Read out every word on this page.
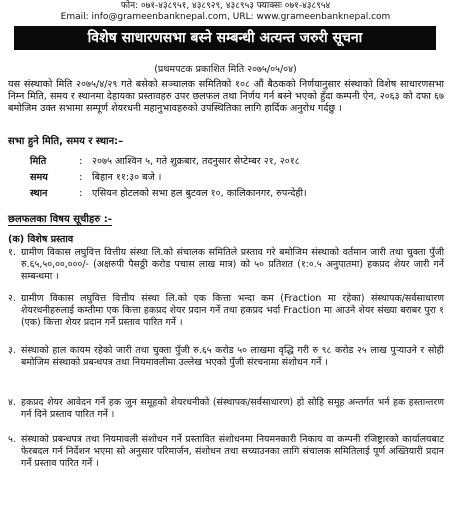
फोन: ०७१-४३८९५१, ४३८९२९, ४३८९५३ फ्याक्सः ०७१-४३८९५४
Email: info@grameenbanknepal.com, URL: www.grameenbanknepal.com
विशेष साधारणसभा बस्ने सम्बन्धी अत्यन्त जरुरी सूचना
(प्रथमपटक प्रकाशित मिति २०७५/०५/०४)
यस संस्थाको मिति २०७५/४/२९ गते बसेको सञ्चालक समितिको १०८ औं बैठकको निर्णयानुसार संस्थाको विशेष साधारणसभा निम्न मिति, समय र स्थानमा देहायका प्रस्तावहरु उपर छलफल तथा निर्णय गर्न बस्ने भएको हुँदा कम्पनी ऐन, २०६३ को दफा ६७ बमोजिम उक्त सभामा सम्पूर्ण शेयरधनी महानुभावहरुको उपस्थितिका लागि हार्दिक अनुरोध गर्दछु ।
सभा हुने मिति, समय र स्थान:–
मिति	: २०७५ आश्विन ५, गते शुक्रबार, तदनुसार सेप्टेम्बर २१, २०१८
समय	: बिहान ११:३० बजे ।
स्थान	: एसियन होटलको सभा हल बुटवल १०, कालिकानगर, रुपन्देही।
छलफलका विषय सूचीहरु :-
(क) विशेष प्रस्ताव
१. ग्रामीण विकास लघुवित्त वित्तीय संस्था लि.को संचालक समितिले प्रस्ताव गरे बमोजिम संस्थाको वर्तमान जारी तथा चुक्ता पुँजी रु.६५,५०,००,०००/- (अक्षरुपी पैसठ्ठी करोड पचास लाख मात्र) को ५० प्रतिशत (१:०.५ अनुपातमा) हकप्रद शेयर जारी गर्ने सम्बन्धमा ।
२. ग्रामीण विकास लघुवित्त वित्तीय संस्था लि.को एक कित्ता भन्दा कम (Fraction मा रहेका) संस्थापक/सर्वसाधारण शेयरधनीहरुलाई कम्तीमा एक कित्ता हकप्रद शेयर प्रदान गर्ने तथा हकप्रद भर्दा Fraction मा आउने शेयर संख्या बराबर पुरा १ (एक) कित्ता शेयर प्रदान गर्ने प्रस्ताव पारित गर्ने ।
३. संस्थाको हाल कायम रहेको जारी तथा चुक्ता पुँजी रु.६५ करोड ५० लाखमा वृद्धि गरी रु ९८ करोड २५ लाख पुऱ्याउने र सोही बमोजिम संस्थाको प्रबन्धपत्र तथा नियमावलीमा उल्लेख भएको पुँजी संरचनामा संशोधन गर्ने ।
४. हकप्रद शेयर आवेदन गर्ने हक जुन समूहको शेयरधनीको (संस्थापक/सर्वसाधारण) हो सोहि समूह अन्तर्गत भर्न हक हस्तान्तरण गर्न दिने प्रस्ताव पारित गर्ने ।
५. संस्थाको प्रबन्धपत्र तथा नियमावली संशोधन गर्ने प्रस्तावित संशोधनमा नियमनकारी निकाय वा कम्पनी रजिष्ट्रारको कार्यालयबाट फेरबदल गर्न निर्देशन भएमा सो अनुसार परिमार्जन, संशोधन तथा सच्याउनका लागि संचालक समितिलाई पूर्ण अख्तियारी प्रदान गर्ने प्रस्ताव पारित गर्ने ।
